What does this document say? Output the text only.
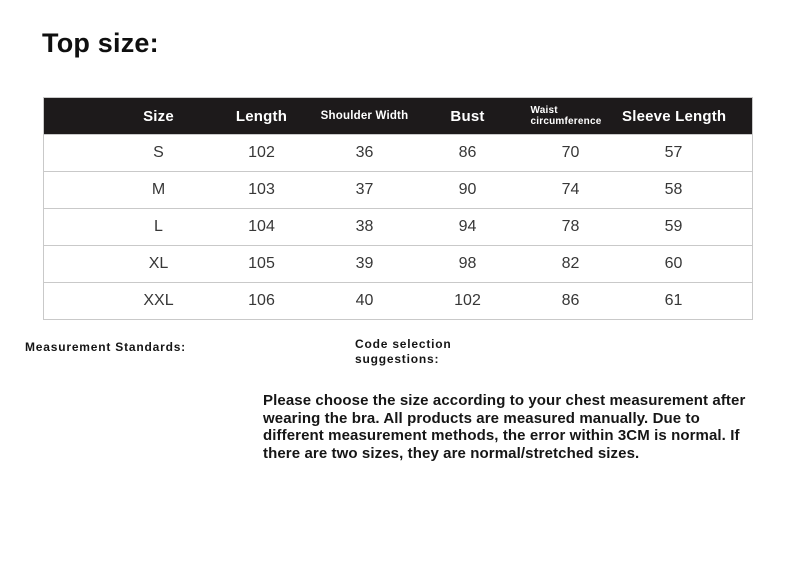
Top size:
Size	Length	Shoulder Width	Bust	Waist circumference	Sleeve Length
S	102	36	86	70	57
M	103	37	90	74	58
L	104	38	94	78	59
XL	105	39	98	82	60
XXL	106	40	102	86	61
Measurement Standards:	Code selection suggestions:
Please choose the size according to your chest measurement after wearing the bra. All products are measured manually. Due to different measurement methods, the error within 3CM is normal. If there are two sizes, they are normal/stretched sizes.
